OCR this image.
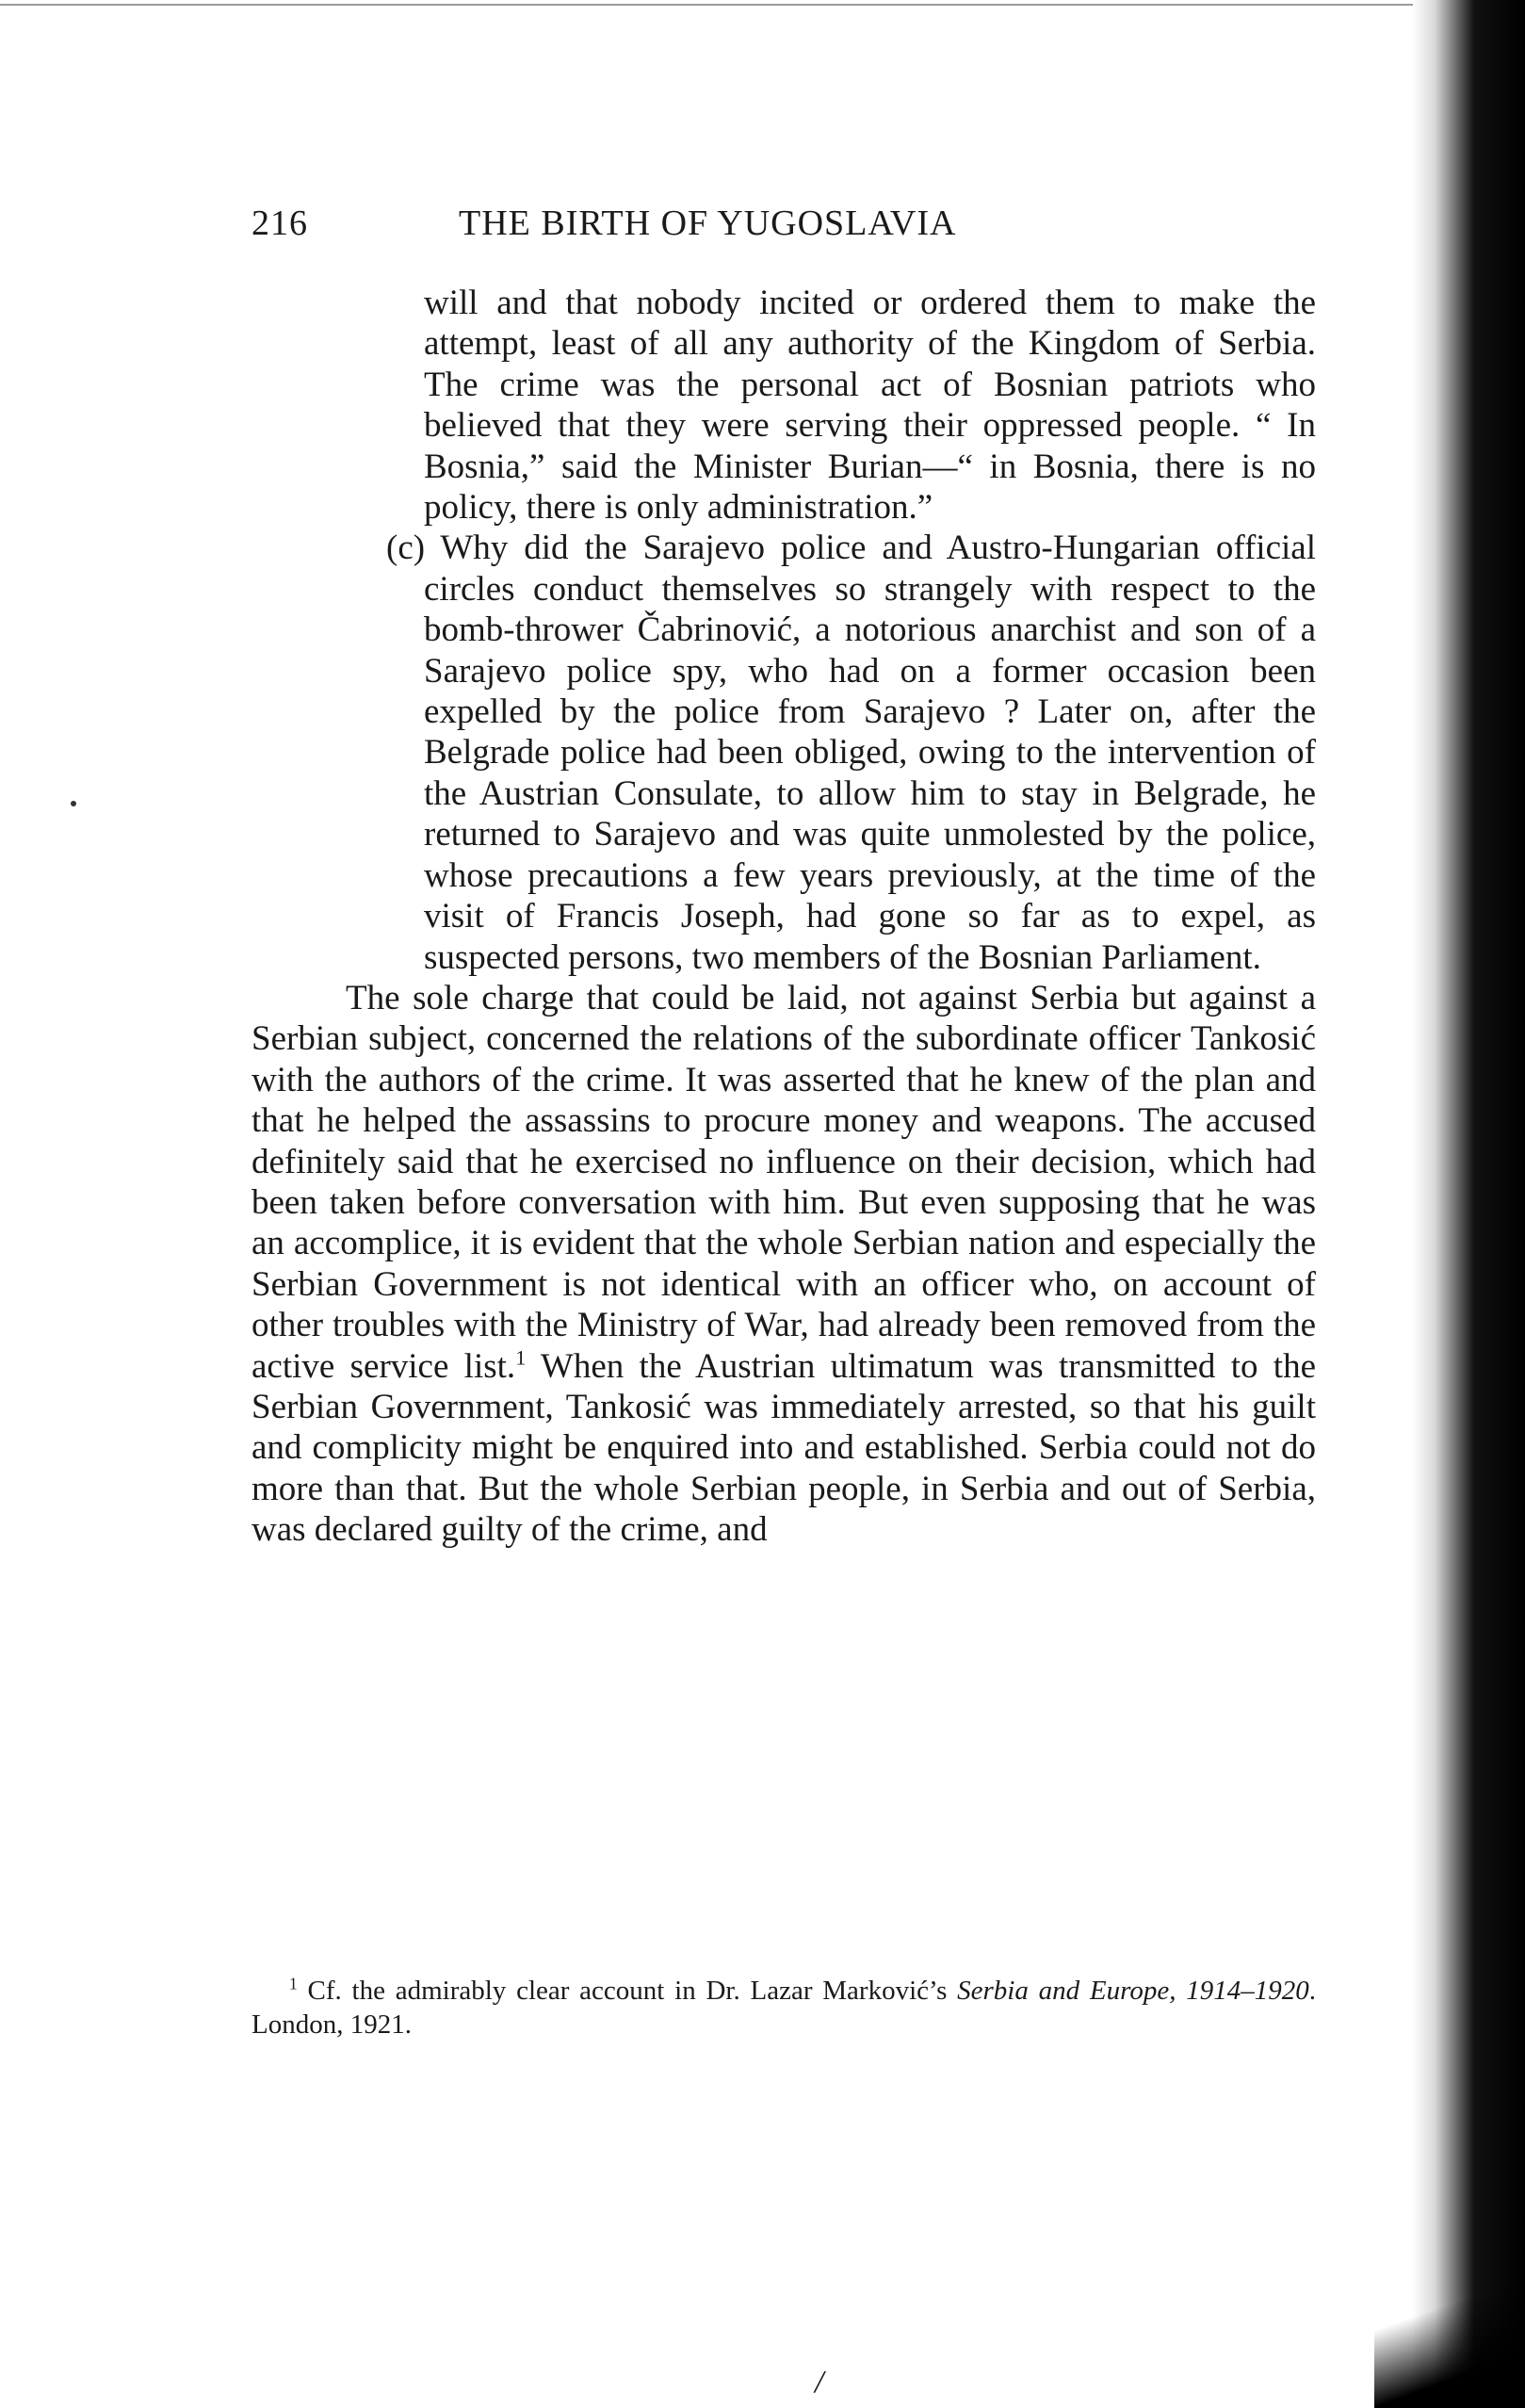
216	THE BIRTH OF YUGOSLAVIA

will and that nobody incited or ordered them to make the attempt, least of all any authority of the Kingdom of Serbia. The crime was the personal act of Bosnian patriots who believed that they were serving their oppressed people. “ In Bosnia,” said the Minister Burian—“ in Bosnia, there is no policy, there is only administration.”

(c) Why did the Sarajevo police and Austro-Hungarian official circles conduct themselves so strangely with respect to the bomb-thrower Čabrinović, a notorious anarchist and son of a Sarajevo police spy, who had on a former occasion been expelled by the police from Sarajevo ? Later on, after the Belgrade police had been obliged, owing to the intervention of the Austrian Consulate, to allow him to stay in Belgrade, he returned to Sarajevo and was quite unmolested by the police, whose precautions a few years previously, at the time of the visit of Francis Joseph, had gone so far as to expel, as suspected persons, two members of the Bosnian Parliament.

The sole charge that could be laid, not against Serbia but against a Serbian subject, concerned the relations of the subordinate officer Tankosić with the authors of the crime. It was asserted that he knew of the plan and that he helped the assassins to procure money and weapons. The accused definitely said that he exercised no influence on their decision, which had been taken before conversation with him. But even supposing that he was an accomplice, it is evident that the whole Serbian nation and especially the Serbian Government is not identical with an officer who, on account of other troubles with the Ministry of War, had already been removed from the active service list.$^1$ When the Austrian ultimatum was transmitted to the Serbian Government, Tankosić was immediately arrested, so that his guilt and complicity might be enquired into and established. Serbia could not do more than that. But the whole Serbian people, in Serbia and out of Serbia, was declared guilty of the crime, and

$^1$ Cf. the admirably clear account in Dr. Lazar Marković’s Serbia and Europe, 1914–1920. London, 1921.
/
